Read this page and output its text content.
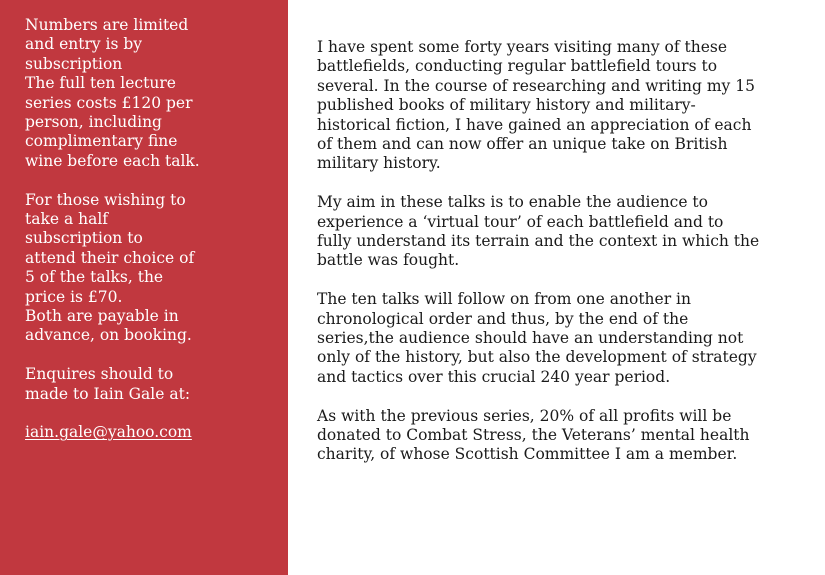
Numbers are limited
and entry is by
subscription
The full ten lecture
series costs £120 per
person, including
complimentary fine
wine before each talk.

For those wishing to
take a half
subscription to
attend their choice of
5 of the talks, the
price is £70.
Both are payable in
advance, on booking.

Enquires should to
made to Iain Gale at:

iain.gale@yahoo.com

I have spent some forty years visiting many of these
battlefields, conducting regular battlefield tours to
several. In the course of researching and writing my 15
published books of military history and military-
historical fiction, I have gained an appreciation of each
of them and can now offer an unique take on British
military history.

My aim in these talks is to enable the audience to
experience a ‘virtual tour’ of each battlefield and to
fully understand its terrain and the context in which the
battle was fought.

The ten talks will follow on from one another in
chronological order and thus, by the end of the
series,the audience should have an understanding not
only of the history, but also the development of strategy
and tactics over this crucial 240 year period.

As with the previous series, 20% of all profits will be
donated to Combat Stress, the Veterans’ mental health
charity, of whose Scottish Committee I am a member.
